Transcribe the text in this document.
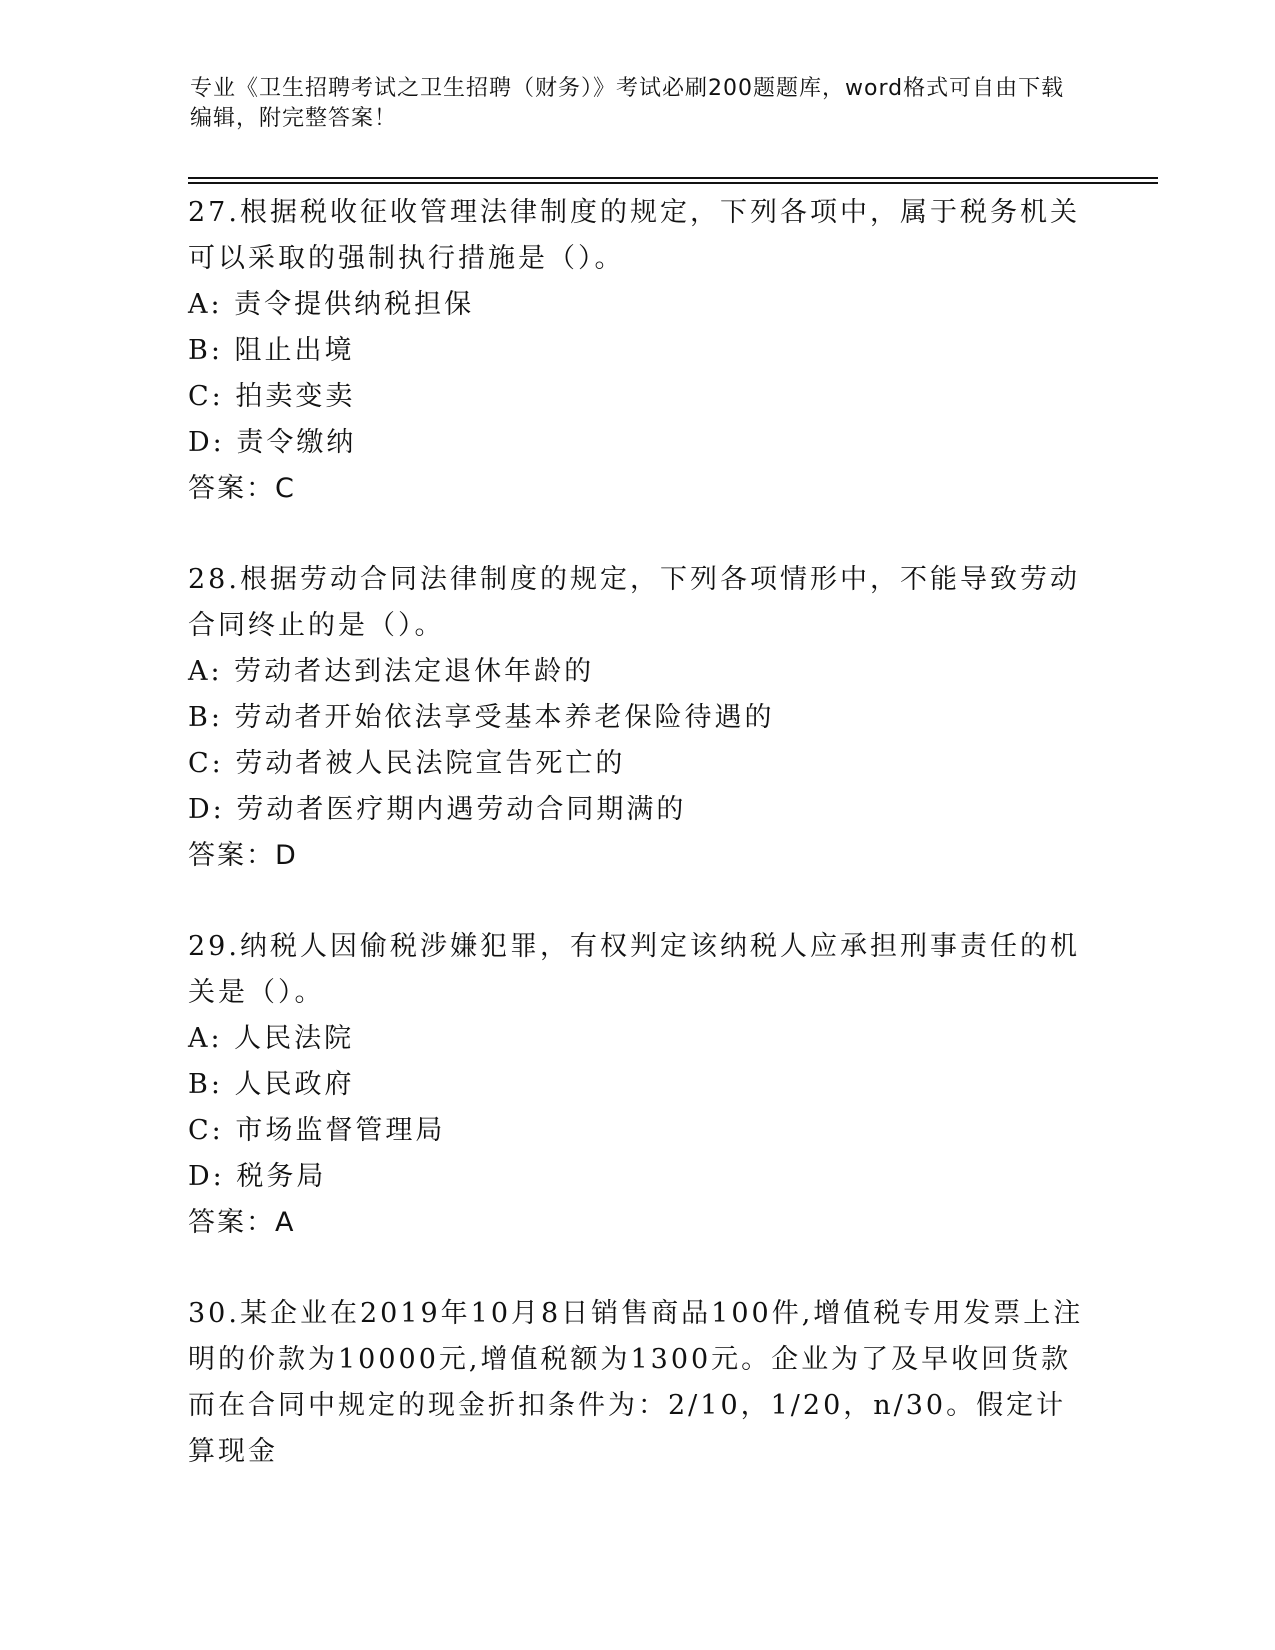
专业《卫生招聘考试之卫生招聘（财务）》考试必刷200题题库，word格式可自由下载编辑，附完整答案！

27.根据税收征收管理法律制度的规定，下列各项中，属于税务机关可以采取的强制执行措施是（）。

A: 责令提供纳税担保

B: 阻止出境

C: 拍卖变卖

D: 责令缴纳

答案：C

28.根据劳动合同法律制度的规定，下列各项情形中，不能导致劳动合同终止的是（）。

A: 劳动者达到法定退休年龄的

B: 劳动者开始依法享受基本养老保险待遇的

C: 劳动者被人民法院宣告死亡的

D: 劳动者医疗期内遇劳动合同期满的

答案：D

29.纳税人因偷税涉嫌犯罪，有权判定该纳税人应承担刑事责任的机关是（）。

A: 人民法院

B: 人民政府

C: 市场监督管理局

D: 税务局

答案：A

30.某企业在2019年10月8日销售商品100件,增值税专用发票上注明的价款为10000元,增值税额为1300元。企业为了及早收回货款而在合同中规定的现金折扣条件为：2/10，1/20，n/30。假定计算现金
